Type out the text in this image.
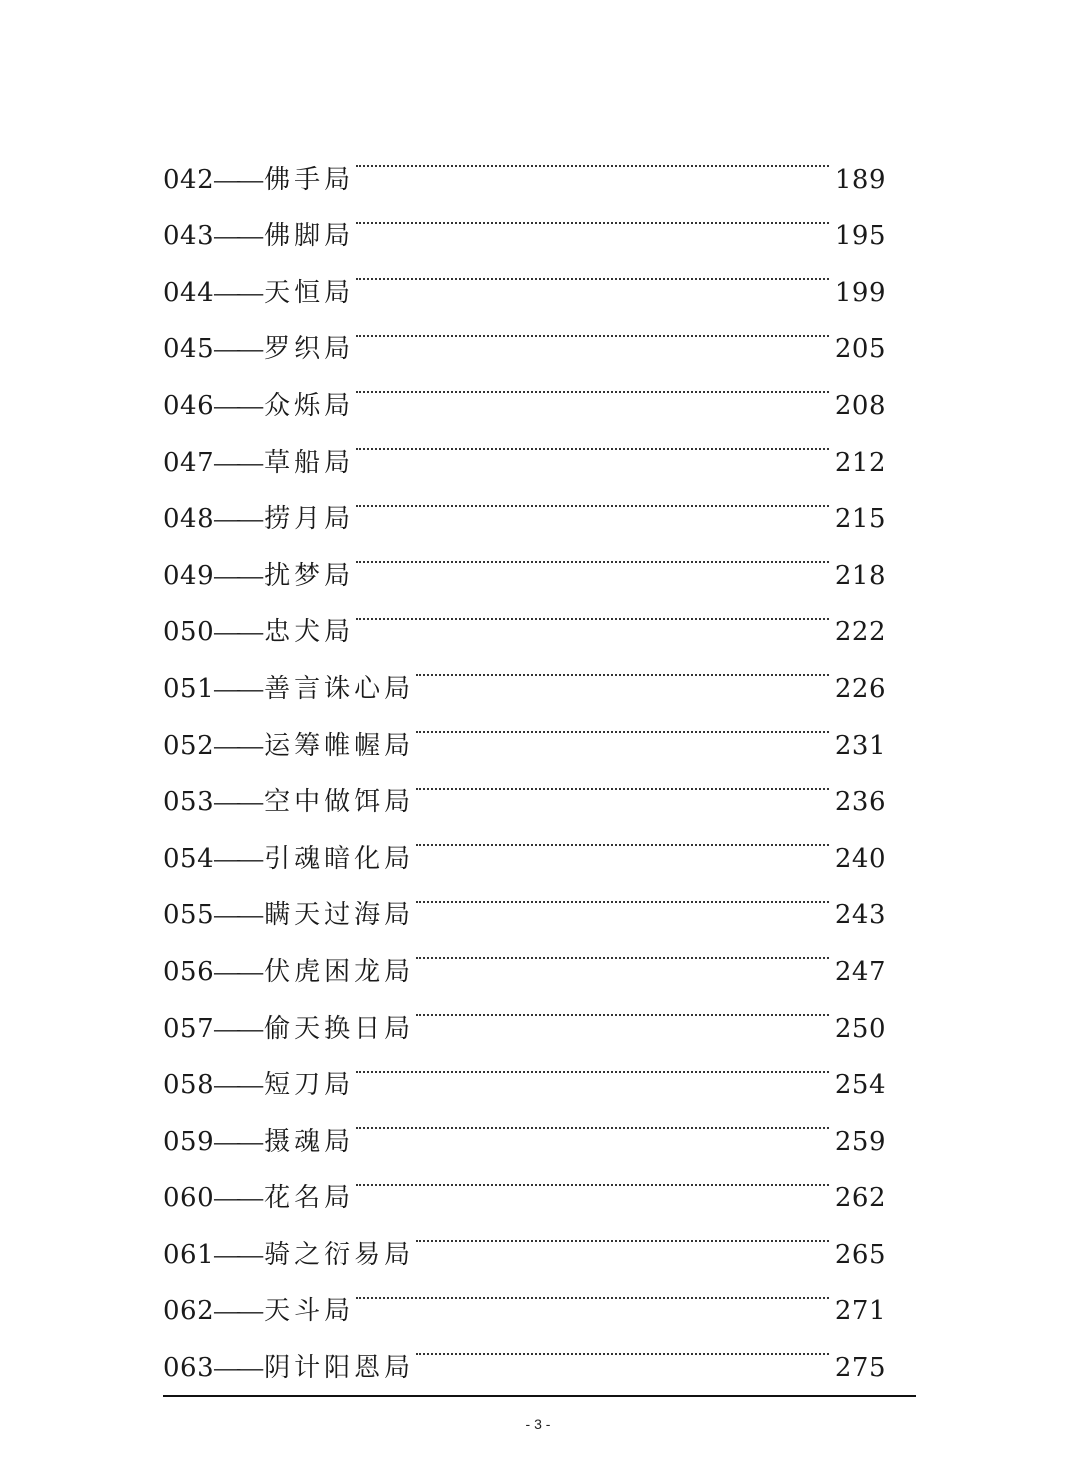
042 —— 佛手局	189
043 —— 佛脚局	195
044 —— 天恒局	199
045 —— 罗织局	205
046 —— 众烁局	208
047 —— 草船局	212
048 —— 捞月局	215
049 —— 扰梦局	218
050 —— 忠犬局	222
051 —— 善言诛心局	226
052 —— 运筹帷幄局	231
053 —— 空中做饵局	236
054 —— 引魂暗化局	240
055 —— 瞒天过海局	243
056 —— 伏虎困龙局	247
057 —— 偷天换日局	250
058 —— 短刀局	254
059 —— 摄魂局	259
060 —— 花名局	262
061 —— 骑之衍易局	265
062 —— 天斗局	271
063 —— 阴计阳恩局	275
- 3 -
